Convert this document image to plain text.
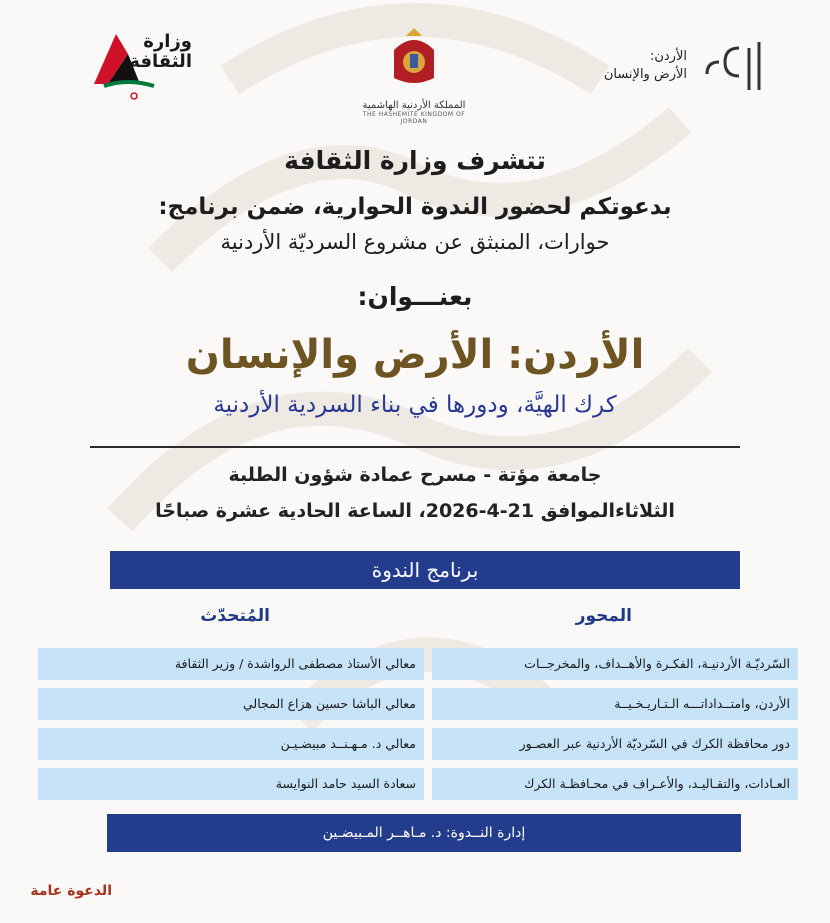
وزارة الثقافة
المملكة الأردنية الهاشمية
THE HASHEMITE KINGDOM OF JORDAN
الأردن:
الأرض والإنسان
تتشرف وزارة الثقافة
بدعوتكم لحضور الندوة الحوارية، ضمن برنامج:
حوارات، المنبثق عن مشروع السرديّة الأردنية
بعنـــوان:
الأردن: الأرض والإنسان
كرك الهيَّة، ودورها في بناء السردية الأردنية
جامعة مؤتة - مسرح عمادة شؤون الطلبة
الثلاثاءالموافق 21-4-2026، الساعة الحادية عشرة صباحًا
برنامج الندوة
المحور
المُتحدّث
السّرديّـة الأردنيـة، الفكـرة والأهــداف، والمخرجــات
معالي الأستاذ مصطفى الرواشدة / وزير الثقافة
الأردن، وامتــداداتـــه الـتـاريـخـيــة
معالي الباشا حسين هزاع المجالي
دور محافظة الكرك في السّرديّة الأردنية عبر العصـور
معالي د. مـهـنــد مبيضـيـن
العـادات، والتقـاليـد، والأعـراف في محـافظـة الكرك
سعادة السيد حامد النوايسة
إدارة النــدوة: د. مـاهــر المـبيضـين
الدعوة عامة
